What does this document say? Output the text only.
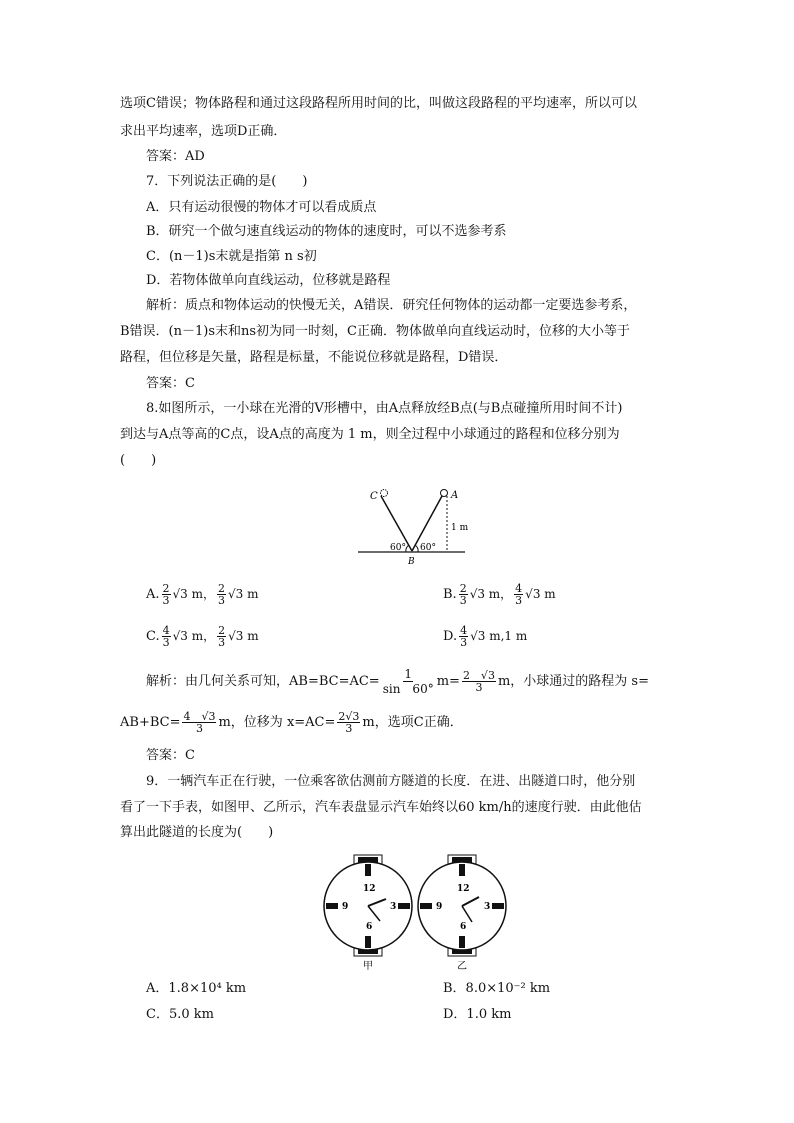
选项C错误；物体路程和通过这段路程所用时间的比，叫做这段路程的平均速率，所以可以
求出平均速率，选项D正确．
答案：AD
7．下列说法正确的是(　　)
A．只有运动很慢的物体才可以看成质点
B．研究一个做匀速直线运动的物体的速度时，可以不选参考系
C．(n－1)s末就是指第 n s初
D．若物体做单向直线运动，位移就是路程
解析：质点和物体运动的快慢无关，A错误．研究任何物体的运动都一定要选参考系，
B错误．(n－1)s末和ns初为同一时刻，C正确．物体做单向直线运动时，位移的大小等于
路程，但位移是矢量，路程是标量，不能说位移就是路程，D错误．
答案：C
8.如图所示，一小球在光滑的V形槽中，由A点释放经B点(与B点碰撞所用时间不计)
到达与A点等高的C点，设A点的高度为 1 m，则全过程中小球通过的路程和位移分别为
(　　)
C	A
B
1 m
60° 60°
A. $\frac{2}{3} √3$ m， $\frac{2}{3} √3$ m	B. $\frac{2}{3} √3$ m， $\frac{4}{3} √3$ m
C. $\frac{4}{3} √3$ m， $\frac{2}{3} √3$ m	D. $\frac{4}{3} √3$ m,1 m
解析：由几何关系可知，$AB=BC=AC= \frac{1}{\sin 60^\circ} m= \frac{2 √3}{3}$ m，小球通过的路程为 s=
$AB+BC= \frac{4 √3}{3}$ m，位移为 $x=AC= \frac{2√3}{3}$ m，选项C正确．
答案：C
9．一辆汽车正在行驶，一位乘客欲估测前方隧道的长度．在进、出隧道口时，他分别
看了一下手表，如图甲、乙所示，汽车表盘显示汽车始终以60 km/h的速度行驶．由此他估
算出此隧道的长度为(　　)
12
3
6
9
甲
12
3
6
9
乙
A．1.8×10⁴ km	B．8.0×10⁻² km
C．5.0 km	D．1.0 km
